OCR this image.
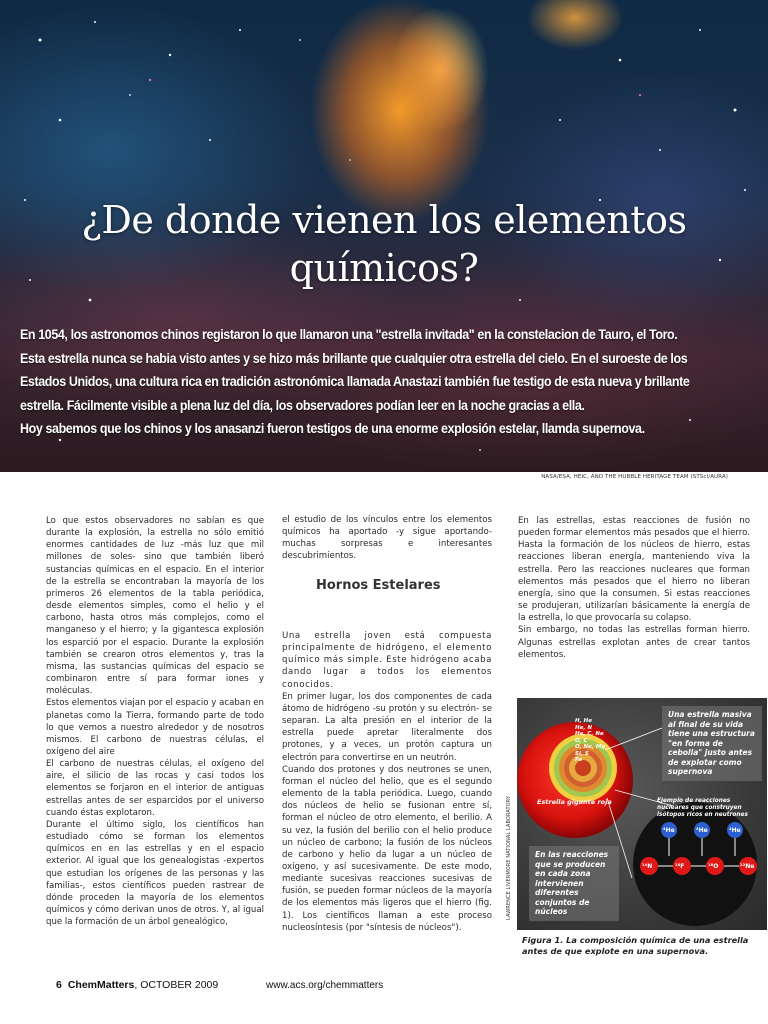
¿De donde vienen los elementos
químicos?

En 1054, los astronomos chinos registaron lo que llamaron una "estrella invitada" en la constelacion de Tauro, el Toro.

Esta estrella nunca se habia visto antes y se hizo más brillante que cualquier otra estrella del cielo. En el suroeste de los

Estados Unidos, una cultura rica en tradición astronómica llamada Anastazi también fue testigo de esta nueva y brillante

estrella. Fácilmente visible a plena luz del día, los observadores podían leer en la noche gracias a ella.

Hoy sabemos que los chinos y los anasanzi fueron testigos de una enorme explosión estelar, llamda supernova.

NASA/ESA, HEIC, AND THE HUBBLE HERITAGE TEAM (STScI/AURA)

Lo que estos observadores no sabían es que durante la explosión, la estrella no sólo emitió enormes cantidades de luz -más luz que mil millones de soles- sino que también liberó sustancias químicas en el espacio. En el interior de la estrella se encontraban la mayoría de los primeros 26 elementos de la tabla periódica, desde elementos simples, como el helio y el carbono, hasta otros más complejos, como el manganeso y el hierro; y la gigantesca explosión los esparció por el espacio. Durante la explosión también se crearon otros elementos y, tras la misma, las sustancias químicas del espacio se combinaron entre sí para formar iones y moléculas.

Estos elementos viajan por el espacio y acaban en planetas como la Tierra, formando parte de todo lo que vemos a nuestro alrededor y de nosotros mismos. El carbono de nuestras células, el oxígeno del aire

El carbono de nuestras células, el oxígeno del aire, el silicio de las rocas y casi todos los elementos se forjaron en el interior de antiguas estrellas antes de ser esparcidos por el universo cuando éstas explotaron.

Durante el último siglo, los científicos han estudiado cómo se forman los elementos químicos en en las estrellas y en el espacio exterior. Al igual que los genealogistas -expertos que estudian los orígenes de las personas y las familias-, estos científicos pueden rastrear de dónde proceden la mayoría de los elementos químicos y cómo derivan unos de otros. Y, al igual que la formación de un árbol genealógico,

el estudio de los vínculos entre los elementos químicos ha aportado -y sigue aportando- muchas sorpresas e interesantes descubrimientos.

Hornos Estelares

Una estrella joven está compuesta principalmente de hidrógeno, el elemento químico más simple. Este hidrógeno acaba dando lugar a todos los elementos conocidos.

En primer lugar, los dos componentes de cada átomo de hidrógeno -su protón y su electrón- se separan. La alta presión en el interior de la estrella puede apretar literalmente dos protones, y a veces, un protón captura un electrón para convertirse en un neutrón.

Cuando dos protones y dos neutrones se unen, forman el núcleo del helio, que es el segundo elemento de la tabla periódica. Luego, cuando dos núcleos de helio se fusionan entre sí, forman el núcleo de otro elemento, el berilio. A su vez, la fusión del berilio con el helio produce un núcleo de carbono; la fusión de los núcleos de carbono y helio da lugar a un núcleo de oxígeno, y así sucesivamente. De este modo, mediante sucesivas reacciones sucesivas de fusión, se pueden formar núcleos de la mayoría de los elementos más ligeros que el hierro (fig. 1). Los científicos llaman a este proceso nucleosíntesis (por "síntesis de núcleos").

En las estrellas, estas reacciones de fusión no pueden formar elementos más pesados que el hierro. Hasta la formación de los núcleos de hierro, estas reacciones liberan energía, manteniendo viva la estrella. Pero las reacciones nucleares que forman elementos más pesados que el hierro no liberan energía, sino que la consumen. Si estas reacciones se produjeran, utilizarían básicamente la energía de la estrella, lo que provocaría su colapso.

Sin embargo, no todas las estrellas forman hierro. Algunas estrellas explotan antes de crear tantos elementos.

H, He
He, N
He, C, Ne
O, C
O, Ne, Mg
Si, S
Fe
Una estrella masiva al final de su vida tiene una estructura "en forma de cebolla" justo antes de explotar como supernova
Estrella gigante roja	Ejemplo de reacciones nucleares que construyen isótopos ricos en neutrones
En las reacciones que se producen en cada zona intervienen diferentes conjuntos de núcleos
⁴He	⁴He	⁴He
¹⁴N	¹⁸F	¹⁸O	²²Ne
LAWRENCE LIVERMORE NATIONAL LABORATORY
Figura 1. La composición química de una estrella antes de que explote en una supernova.
6 ChemMatters, OCTOBER 2009	www.acs.org/chemmatters
